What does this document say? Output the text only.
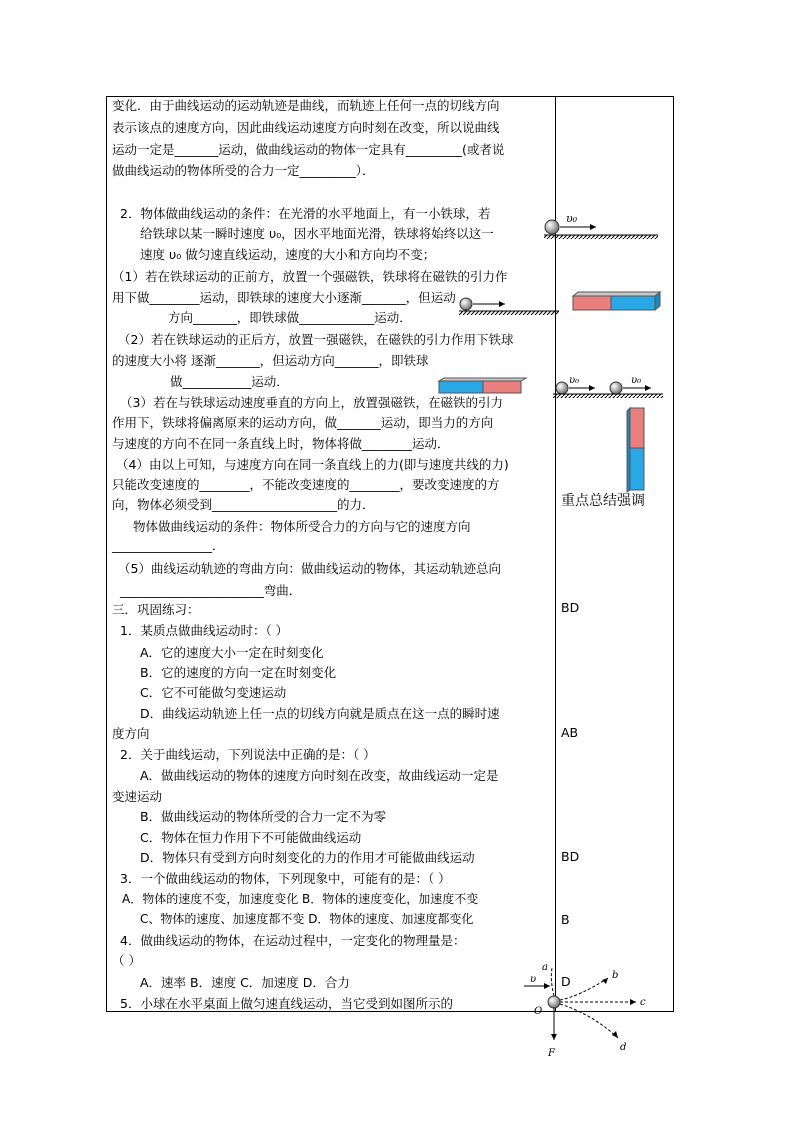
变化．由于曲线运动的运动轨迹是曲线，而轨迹上任何一点的切线方向
表示该点的速度方向，因此曲线运动速度方向时刻在改变，所以说曲线
运动一定是_______运动，做曲线运动的物体一定具有_________(或者说
做曲线运动的物体所受的合力一定_________）．
2．物体做曲线运动的条件：在光滑的水平地面上，有一小铁球，若
给铁球以某一瞬时速度 υ₀，因水平地面光滑，铁球将始终以这一
速度 υ₀ 做匀速直线运动，速度的大小和方向均不变；
（1）若在铁球运动的正前方，放置一个强磁铁，铁球将在磁铁的引力作
用下做________运动，即铁球的速度大小逐渐_______，但运动
方向_______，即铁球做____________运动．
（2）若在铁球运动的正后方，放置一强磁铁，在磁铁的引力作用下铁球
的速度大小将 逐渐_______，但运动方向_______，即铁球
做___________运动．
（3）若在与铁球运动速度垂直的方向上，放置强磁铁，在磁铁的引力
作用下，铁球将偏离原来的运动方向，做_______运动，即当力的方向
与速度的方向不在同一条直线上时，物体将做________运动．
（4）由以上可知，与速度方向在同一条直线上的力(即与速度共线的力)
只能改变速度的________，不能改变速度的________，要改变速度的方
向，物体必须受到____________________的力．
物体做曲线运动的条件：物体所受合力的方向与它的速度方向
________________．
（5）曲线运动轨迹的弯曲方向：做曲线运动的物体，其运动轨迹总向
_______________________弯曲．
三．巩固练习：
1．某质点做曲线运动时：（ ）
A．它的速度大小一定在时刻变化
B．它的速度的方向一定在时刻变化
C．它不可能做匀变速运动
D．曲线运动轨迹上任一点的切线方向就是质点在这一点的瞬时速
度方向
2．关于曲线运动，下列说法中正确的是：（ ）
A．做曲线运动的物体的速度方向时刻在改变，故曲线运动一定是
变速运动
B．做曲线运动的物体所受的合力一定不为零
C．物体在恒力作用下不可能做曲线运动
D．物体只有受到方向时刻变化的力的作用才可能做曲线运动
3．一个做曲线运动的物体，下列现象中，可能有的是：（ ）
A．物体的速度不变，加速度变化 B．物体的速度变化，加速度不变
C、物体的速度、加速度都不变 D．物体的速度、加速度都变化
4．做曲线运动的物体，在运动过程中，一定变化的物理量是：
（ ）
A．速率 B．速度 C．加速度 D．合力
5．小球在水平桌面上做匀速直线运动，当它受到如图所示的
重点总结强调
BD
AB
BD
B
D
υ₀
υ₀	υ₀
υ
a
b
c
d
O
F
